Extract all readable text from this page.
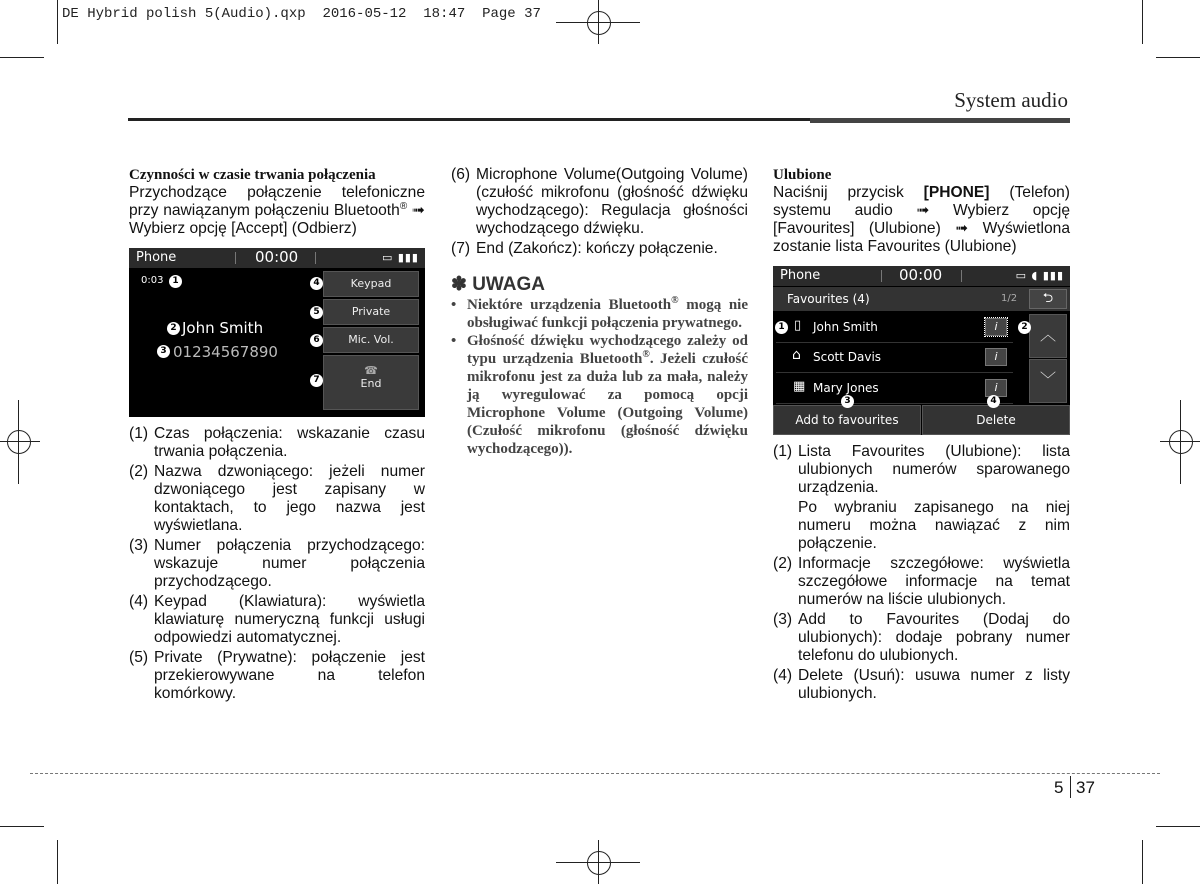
DE Hybrid polish 5(Audio).qxp  2016-05-12  18:47  Page 37
System audio
Czynności w czasie trwania połączenia

Przychodzące połączenie telefoniczne przy nawiązanym połączeniu Bluetooth® ➟ Wybierz opcję [Accept] (Odbierz)

Phone	00:00	▭ ▮▮▮
0:03 1
2 John Smith
3 01234567890
4	Keypad
5	Private
6	Mic. Vol.
7
☎
End
(1) Czas połączenia: wskazanie czasu trwania połączenia.
(2) Nazwa dzwoniącego: jeżeli numer dzwoniącego jest zapisany w kontaktach, to jego nazwa jest wyświetlana.
(3) Numer połączenia przychodzącego: wskazuje numer połączenia przychodzącego.
(4) Keypad (Klawiatura): wyświetla klawiaturę numeryczną funkcji usługi odpowiedzi automatycznej.
(5) Private (Prywatne): połączenie jest przekierowywane na telefon komórkowy.
(6) Microphone Volume(Outgoing Volume) (czułość mikrofonu (głośność dźwięku wychodzącego): Regulacja głośności wychodzącego dźwięku.
(7) End (Zakończ): kończy połączenie.
✽ UWAGA
• Niektóre urządzenia Bluetooth® mogą nie obsługiwać funkcji połączenia prywatnego.
• Głośność dźwięku wychodzącego zależy od typu urządzenia Bluetooth®. Jeżeli czułość mikrofonu jest za duża lub za mała, należy ją wyregulować za pomocą opcji Microphone Volume (Outgoing Volume) (Czułość mikrofonu (głośność dźwięku wychodzącego)).
Ulubione

Naciśnij przycisk [PHONE] (Telefon) systemu audio ➟ Wybierz opcję [Favourites] (Ulubione) ➟ Wyświetlona zostanie lista Favourites (Ulubione)

Phone	00:00	▭ ◖ ▮▮▮
Favourites (4)	1/2	⮌
▯ John Smith	i
⌂ Scott Davis	i
▦ Mary Jones	i
︿
﹀
Add to favourites	Delete
1	2
3	4
(1) Lista Favourites (Ulubione): lista ulubionych numerów sparowanego urządzenia.
Po wybraniu zapisanego na niej numeru można nawiązać z nim połączenie.
(2) Informacje szczegółowe: wyświetla szczegółowe informacje na temat numerów na liście ulubionych.
(3) Add to Favourites (Dodaj do ulubionych): dodaje pobrany numer telefonu do ulubionych.
(4) Delete (Usuń): usuwa numer z listy ulubionych.
5 37
